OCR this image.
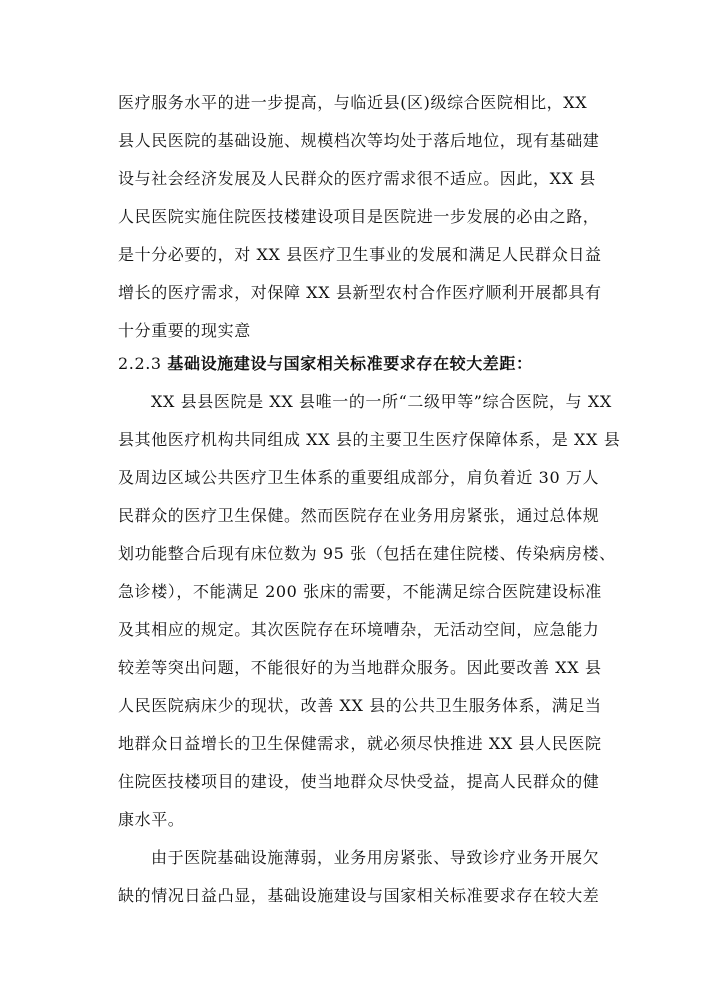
医疗服务水平的进一步提高，与临近县(区)级综合医院相比，XX
县人民医院的基础设施、规模档次等均处于落后地位，现有基础建
设与社会经济发展及人民群众的医疗需求很不适应。因此，XX 县
人民医院实施住院医技楼建设项目是医院进一步发展的必由之路，
是十分必要的，对 XX 县医疗卫生事业的发展和满足人民群众日益
增长的医疗需求，对保障 XX 县新型农村合作医疗顺利开展都具有
十分重要的现实意
2.2.3 基础设施建设与国家相关标准要求存在较大差距：
XX 县县医院是 XX 县唯一的一所“二级甲等”综合医院，与 XX
县其他医疗机构共同组成 XX 县的主要卫生医疗保障体系，是 XX 县
及周边区域公共医疗卫生体系的重要组成部分，肩负着近 30 万人
民群众的医疗卫生保健。然而医院存在业务用房紧张，通过总体规
划功能整合后现有床位数为 95 张（包括在建住院楼、传染病房楼、
急诊楼），不能满足 200 张床的需要，不能满足综合医院建设标准
及其相应的规定。其次医院存在环境嘈杂，无活动空间，应急能力
较差等突出问题，不能很好的为当地群众服务。因此要改善 XX 县
人民医院病床少的现状，改善 XX 县的公共卫生服务体系，满足当
地群众日益增长的卫生保健需求，就必须尽快推进 XX 县人民医院
住院医技楼项目的建设，使当地群众尽快受益，提高人民群众的健
康水平。
由于医院基础设施薄弱，业务用房紧张、导致诊疗业务开展欠
缺的情况日益凸显，基础设施建设与国家相关标准要求存在较大差
